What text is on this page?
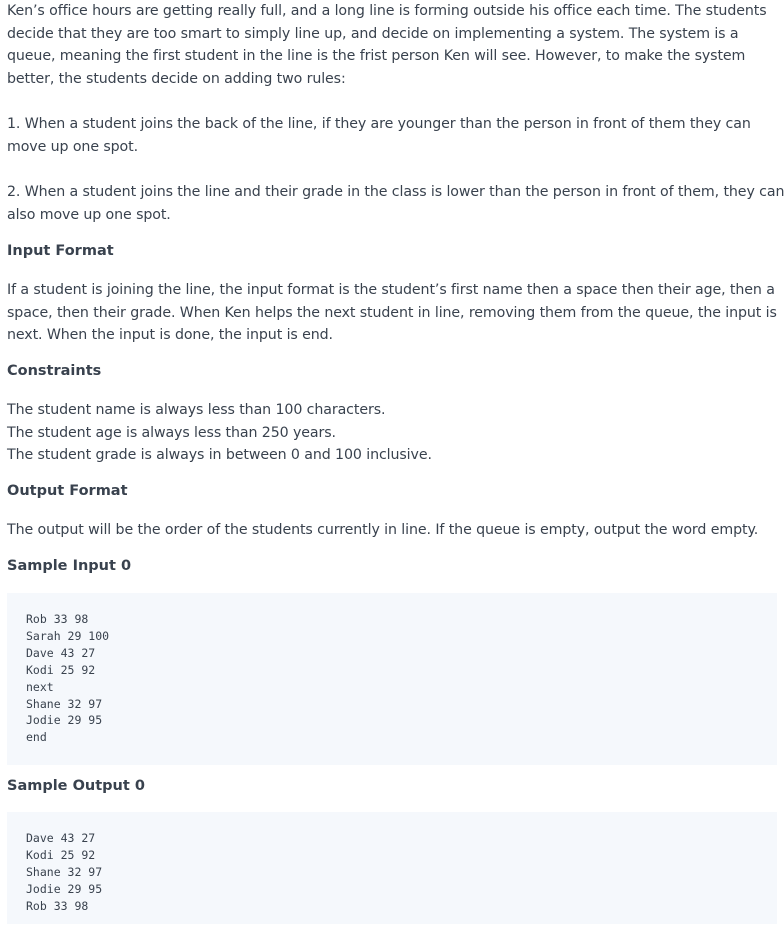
Ken’s office hours are getting really full, and a long line is forming outside his office each time. The students
decide that they are too smart to simply line up, and decide on implementing a system. The system is a
queue, meaning the first student in the line is the frist person Ken will see. However, to make the system
better, the students decide on adding two rules:

1. When a student joins the back of the line, if they are younger than the person in front of them they can
move up one spot.

2. When a student joins the line and their grade in the class is lower than the person in front of them, they can
also move up one spot.

Input Format

If a student is joining the line, the input format is the student’s first name then a space then their age, then a
space, then their grade. When Ken helps the next student in line, removing them from the queue, the input is
next. When the input is done, the input is end.

Constraints

The student name is always less than 100 characters.
The student age is always less than 250 years.
The student grade is always in between 0 and 100 inclusive.

Output Format

The output will be the order of the students currently in line. If the queue is empty, output the word empty.

Sample Input 0
Rob 33 98
Sarah 29 100
Dave 43 27
Kodi 25 92
next
Shane 32 97
Jodie 29 95
end
Sample Output 0
Dave 43 27
Kodi 25 92
Shane 32 97
Jodie 29 95
Rob 33 98
